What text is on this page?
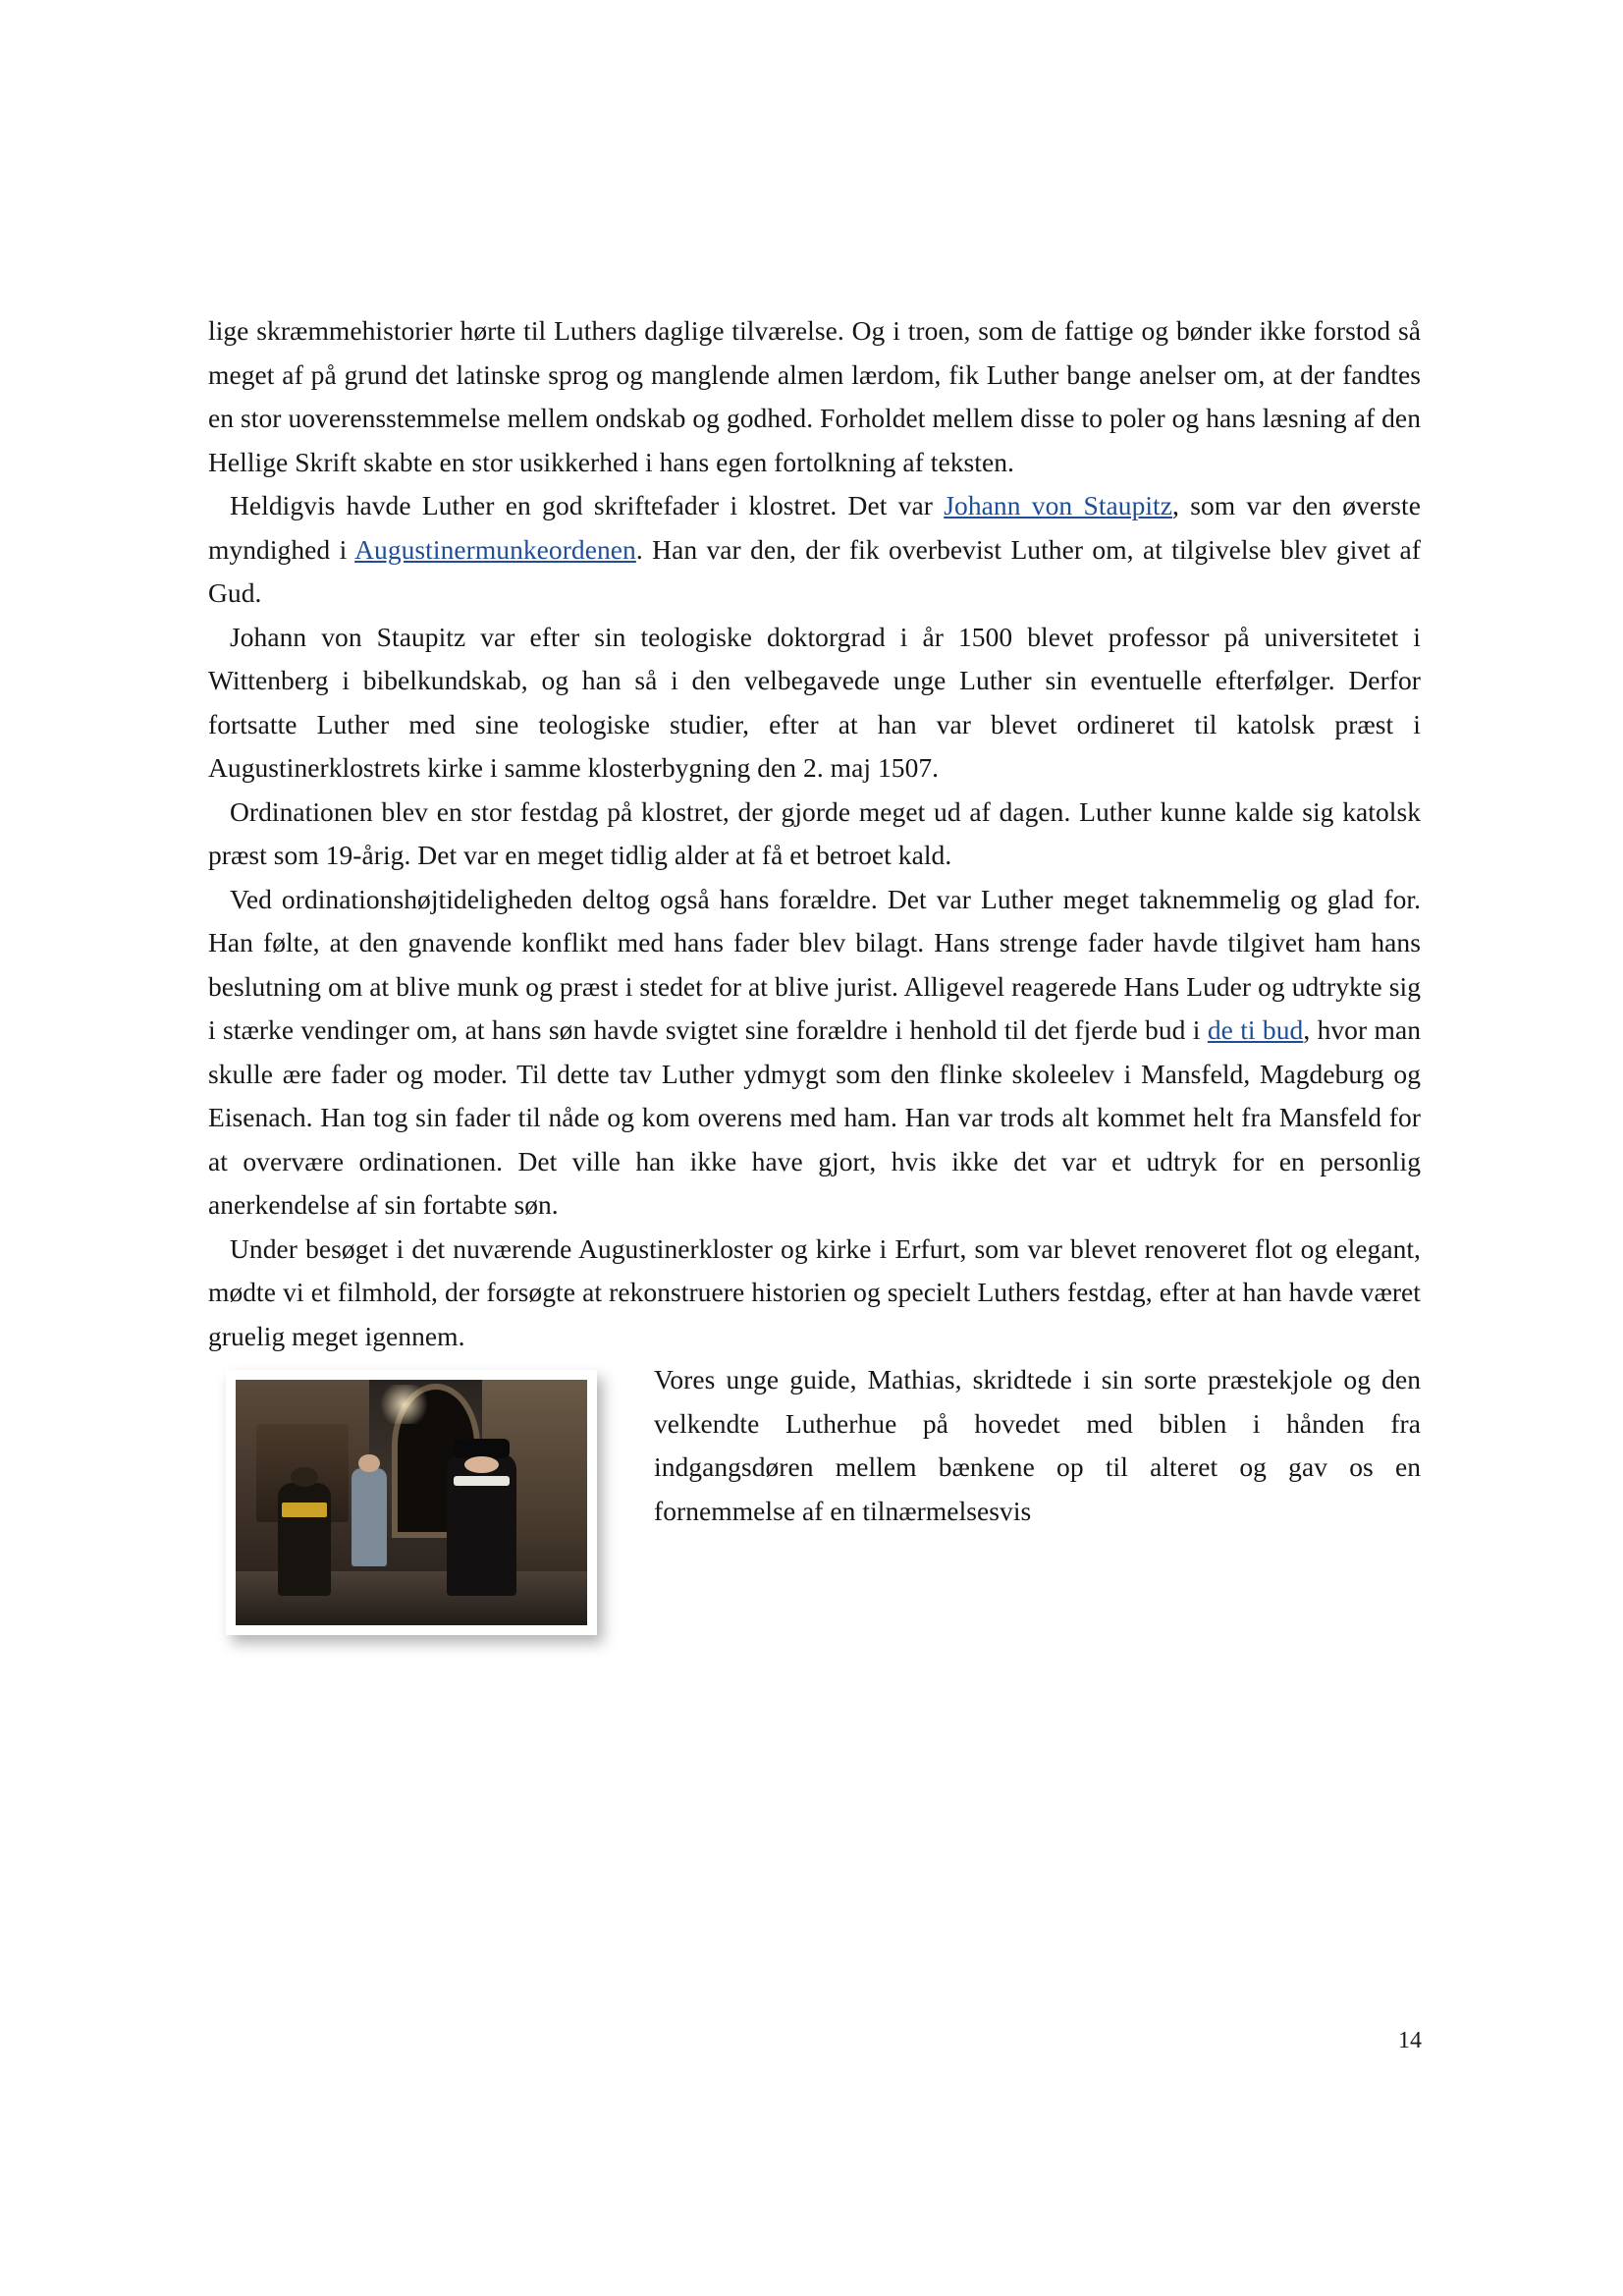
lige skræmmehistorier hørte til Luthers daglige tilværelse. Og i troen, som de fattige og bønder ikke forstod så meget af på grund det latinske sprog og manglende almen lærdom, fik Luther bange anelser om, at der fandtes en stor uoverensstemmelse mellem ondskab og godhed. Forholdet mellem disse to poler og hans læsning af den Hellige Skrift skabte en stor usikkerhed i hans egen fortolkning af teksten.

Heldigvis havde Luther en god skriftefader i klostret. Det var Johann von Staupitz, som var den øverste myndighed i Augustinermunkeordenen. Han var den, der fik overbevist Luther om, at tilgivelse blev givet af Gud.

Johann von Staupitz var efter sin teologiske doktorgrad i år 1500 blevet professor på universitetet i Wittenberg i bibelkundskab, og han så i den velbegavede unge Luther sin eventuelle efterfølger. Derfor fortsatte Luther med sine teologiske studier, efter at han var blevet ordineret til katolsk præst i Augustinerklostrets kirke i samme klosterbygning den 2. maj 1507.

Ordinationen blev en stor festdag på klostret, der gjorde meget ud af dagen. Luther kunne kalde sig katolsk præst som 19-årig. Det var en meget tidlig alder at få et betroet kald.

Ved ordinationshøjtideligheden deltog også hans forældre. Det var Luther meget taknemmelig og glad for. Han følte, at den gnavende konflikt med hans fader blev bilagt. Hans strenge fader havde tilgivet ham hans beslutning om at blive munk og præst i stedet for at blive jurist. Alligevel reagerede Hans Luder og udtrykte sig i stærke vendinger om, at hans søn havde svigtet sine forældre i henhold til det fjerde bud i de ti bud, hvor man skulle ære fader og moder. Til dette tav Luther ydmygt som den flinke skoleelev i Mansfeld, Magdeburg og Eisenach. Han tog sin fader til nåde og kom overens med ham. Han var trods alt kommet helt fra Mansfeld for at overvære ordinationen. Det ville han ikke have gjort, hvis ikke det var et udtryk for en personlig anerkendelse af sin fortabte søn.

Under besøget i det nuværende Augustinerkloster og kirke i Erfurt, som var blevet renoveret flot og elegant, mødte vi et filmhold, der forsøgte at rekonstruere historien og specielt Luthers festdag, efter at han havde været gruelig meget igennem.

Vores unge guide, Mathias, skridtede i sin sorte præstekjole og den velkendte Lutherhue på hovedet med biblen i hånden fra indgangsdøren mellem bænkene op til alteret og gav os en fornemmelse af en tilnærmelsesvis

14
